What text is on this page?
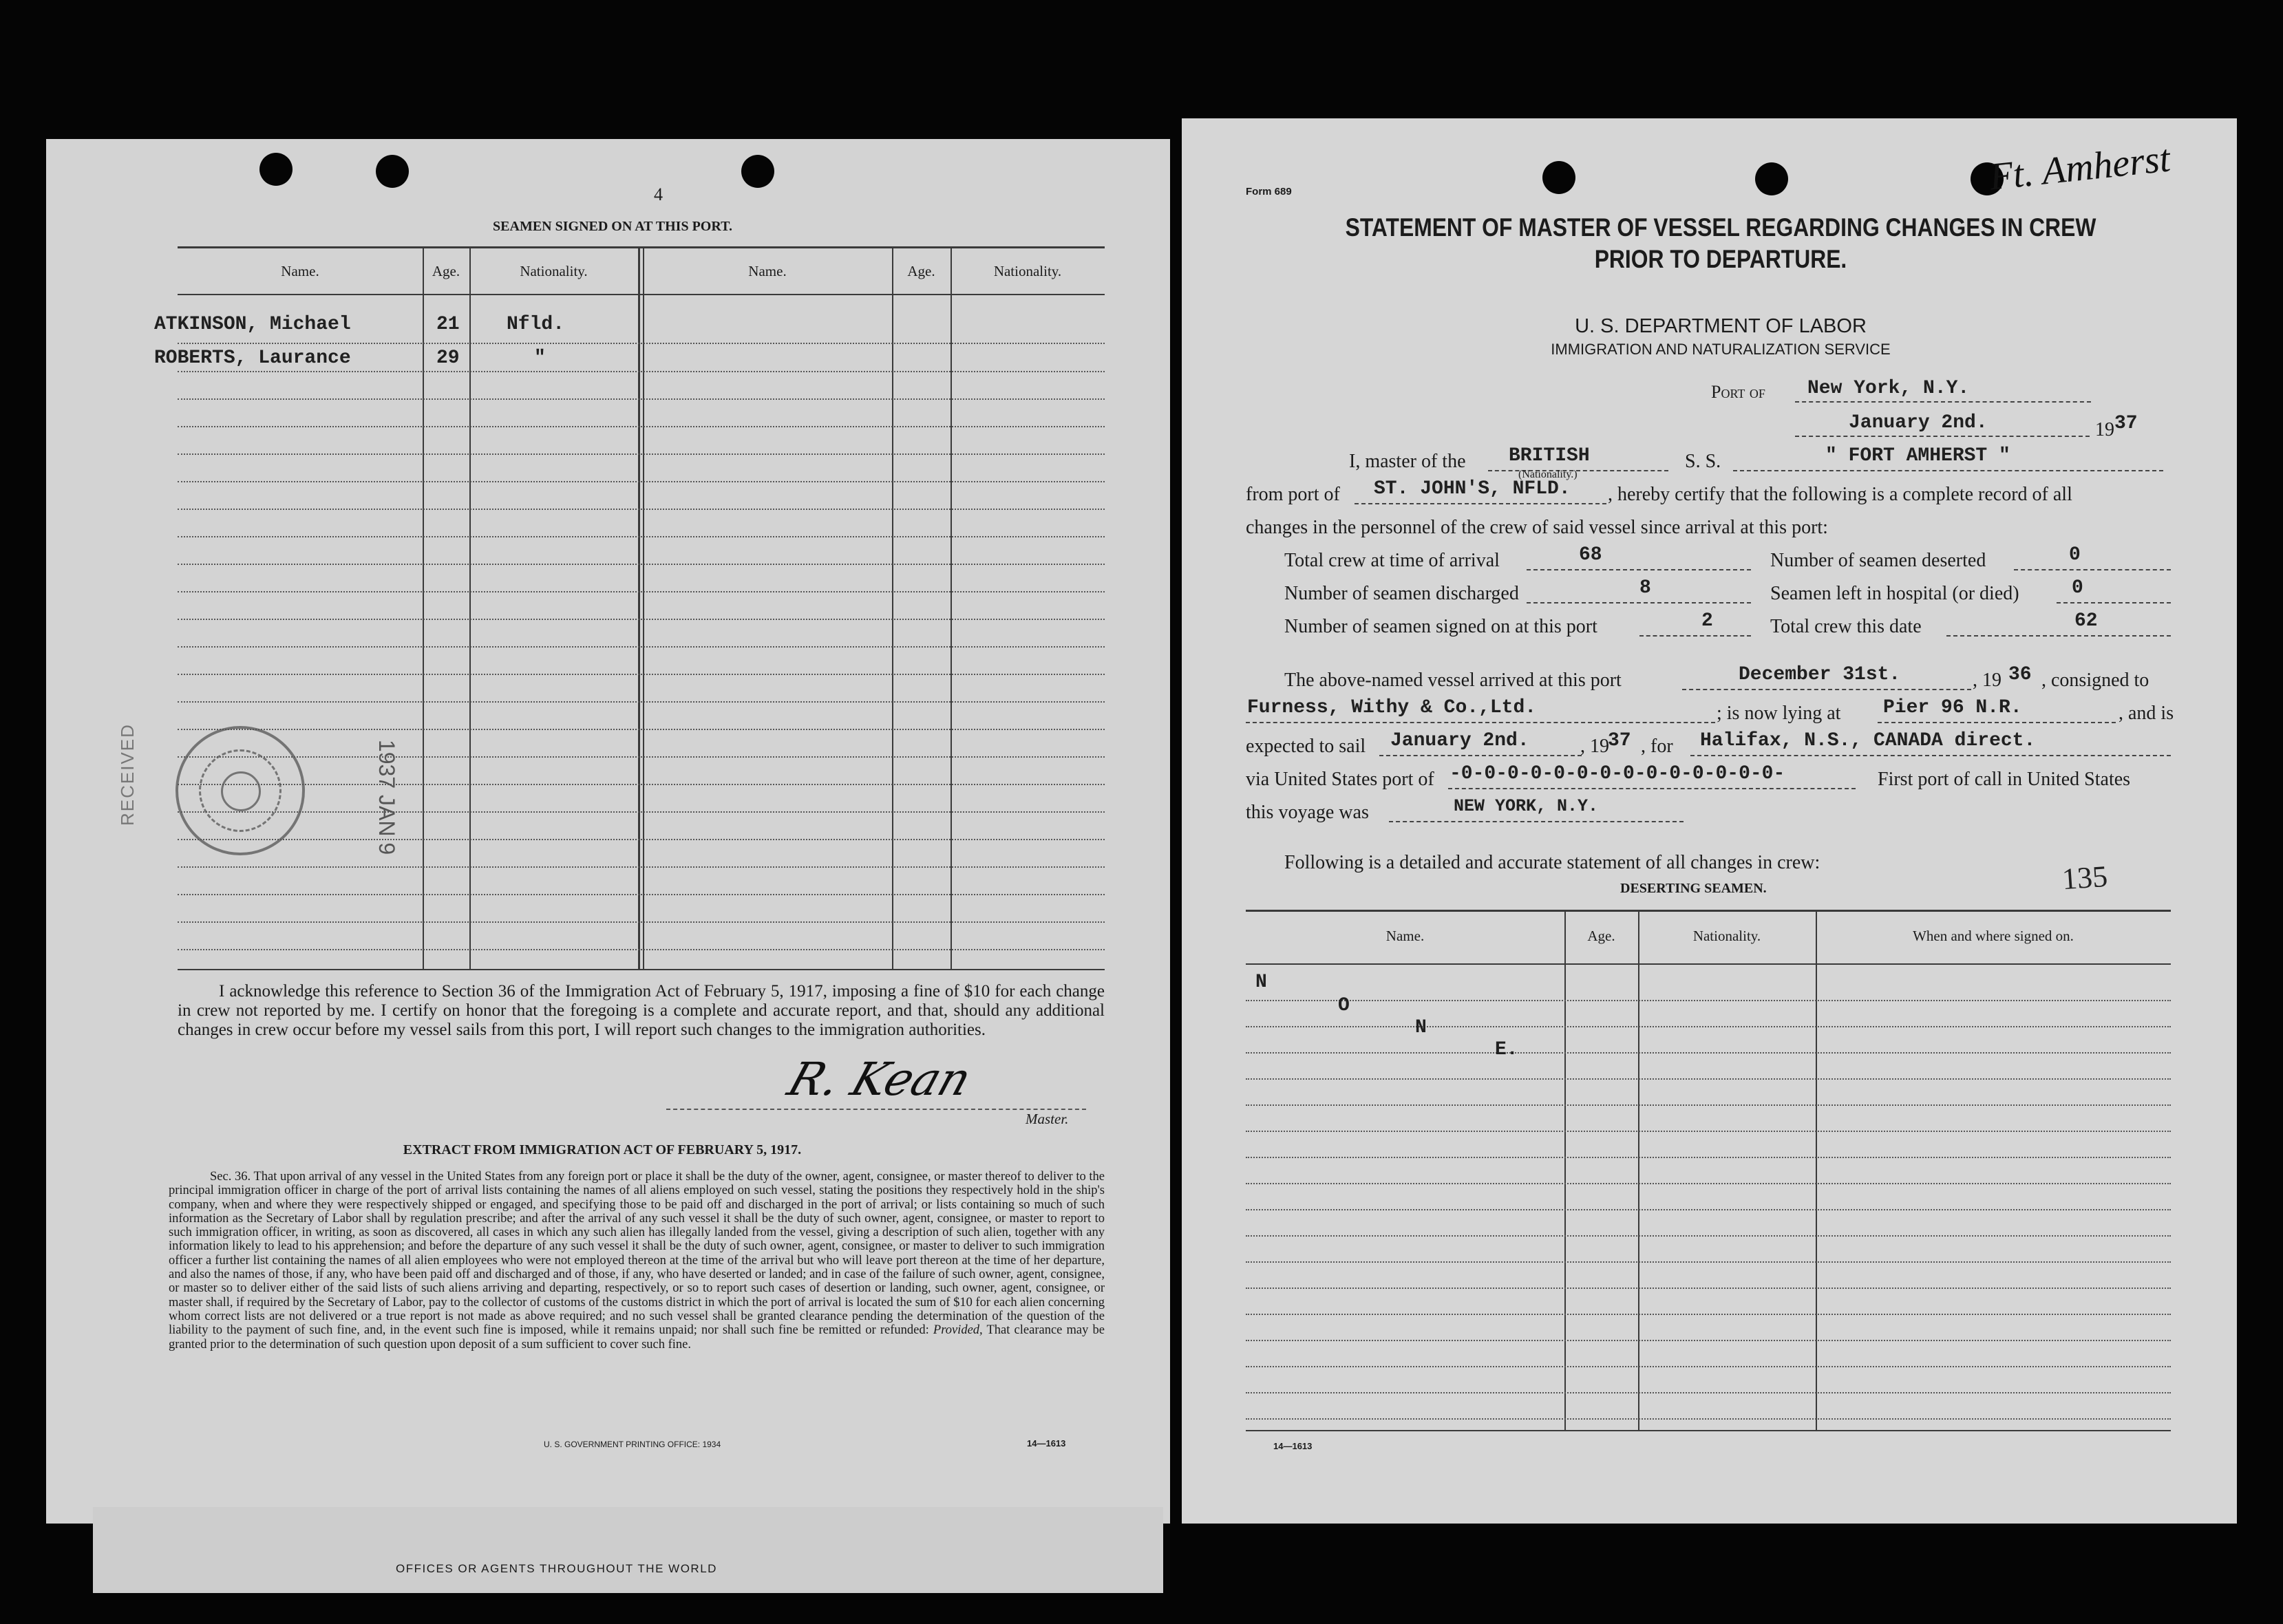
4
SEAMEN SIGNED ON AT THIS PORT.
Name.	Age.	Nationality.	Name.	Age.	Nationality.
ATKINSON, Michael	21 Nfld.
ROBERTS, Laurance	29	"
RECEIVED	1937 JAN 9
I acknowledge this reference to Section 36 of the Immigration Act of February 5, 1917, imposing a fine of $10 for each change in crew not reported by me. I certify on honor that the foregoing is a complete and accurate report, and that, should any additional changes in crew occur before my vessel sails from this port, I will report such changes to the immigration authorities.
R. Kean
Master.
EXTRACT FROM IMMIGRATION ACT OF FEBRUARY 5, 1917.
Sec. 36. That upon arrival of any vessel in the United States from any foreign port or place it shall be the duty of the owner, agent, consignee, or master thereof to deliver to the principal immigration officer in charge of the port of arrival lists containing the names of all aliens employed on such vessel, stating the positions they respectively hold in the ship's company, when and where they were respectively shipped or engaged, and specifying those to be paid off and discharged in the port of arrival; or lists containing so much of such information as the Secretary of Labor shall by regulation prescribe; and after the arrival of any such vessel it shall be the duty of such owner, agent, consignee, or master to report to such immigration officer, in writing, as soon as discovered, all cases in which any such alien has illegally landed from the vessel, giving a description of such alien, together with any information likely to lead to his apprehension; and before the departure of any such vessel it shall be the duty of such owner, agent, consignee, or master to deliver to such immigration officer a further list containing the names of all alien employees who were not employed thereon at the time of the arrival but who will leave port thereon at the time of her departure, and also the names of those, if any, who have been paid off and discharged and of those, if any, who have deserted or landed; and in case of the failure of such owner, agent, consignee, or master so to deliver either of the said lists of such aliens arriving and departing, respectively, or so to report such cases of desertion or landing, such owner, agent, consignee, or master shall, if required by the Secretary of Labor, pay to the collector of customs of the customs district in which the port of arrival is located the sum of $10 for each alien concerning whom correct lists are not delivered or a true report is not made as above required; and no such vessel shall be granted clearance pending the determination of the question of the liability to the payment of such fine, and, in the event such fine is imposed, while it remains unpaid; nor shall such fine be remitted or refunded: Provided, That clearance may be granted prior to the determination of such question upon deposit of a sum sufficient to cover such fine.
U. S. GOVERNMENT PRINTING OFFICE: 1934	14—1613
OFFICES OR AGENTS THROUGHOUT THE WORLD
Form 689	Ft. Amherst
STATEMENT OF MASTER OF VESSEL REGARDING CHANGES IN CREW
PRIOR TO DEPARTURE.
U. S. DEPARTMENT OF LABOR
IMMIGRATION AND NATURALIZATION SERVICE
Port of New York, N.Y.
January 2nd.	19 37
I, master of the BRITISH
(Nationality.)
S. S.	" FORT AMHERST "
from port of ST. JOHN'S, NFLD. , hereby certify that the following is a complete record of all
changes in the personnel of the crew of said vessel since arrival at this port:
Total crew at time of arrival	68	Number of seamen deserted	0
Number of seamen discharged	8	Seamen left in hospital (or died)	0
Number of seamen signed on at this port	2	Total crew this date	62
The above-named vessel arrived at this port	December 31st.	, 19 36 , consigned to
Furness, Withy & Co.,Ltd.	; is now lying at Pier 96 N.R.	, and is
expected to sail January 2nd.	, 19
37 , for Halifax, N.S., CANADA direct.
via United States port of -0-0-0-0-0-0-0-0-0-0-0-0-0-0-	First port of call in United States
this voyage was	NEW YORK, N.Y.
Following is a detailed and accurate statement of all changes in crew:
DESERTING SEAMEN.	135
Name.	Age.	Nationality.	When and where signed on.
N
O
N
E.
14—1613
